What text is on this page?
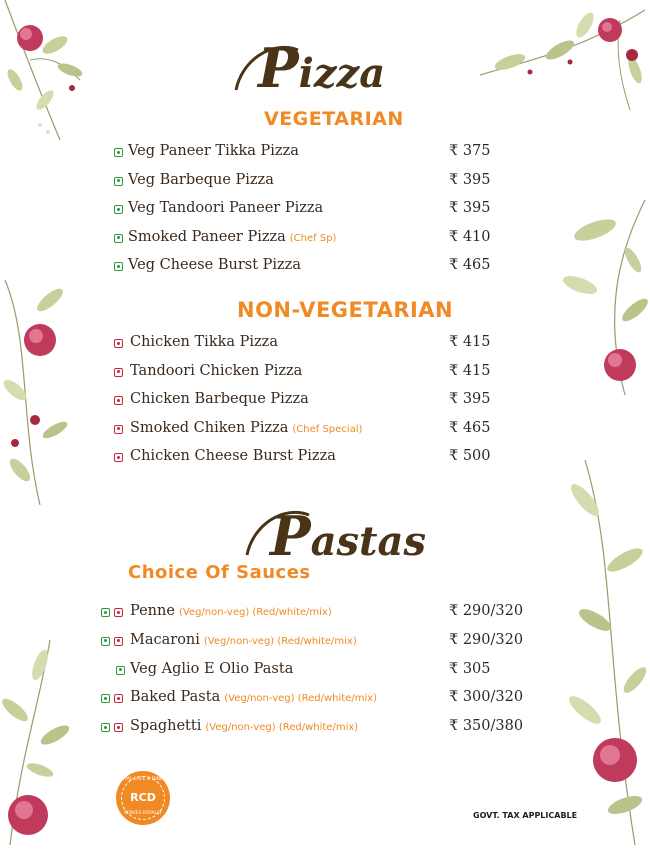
Pizza
VEGETARIAN
Veg Paneer Tikka Pizza	₹ 375
Veg Barbeque Pizza	₹ 395
Veg Tandoori Paneer Pizza	₹ 395
Smoked Paneer Pizza (Chef Sp)	₹ 410
Veg Cheese Burst Pizza	₹ 465
NON-VEGETARIAN
Chicken Tikka Pizza	₹ 415
Tandoori Chicken Pizza	₹ 415
Chicken Barbeque Pizza	₹ 395
Smoked Chiken Pizza (Chef Special)	₹ 465
Chicken Cheese Burst Pizza	₹ 500
Pastas
Choice Of Sauces
Penne (Veg/non-veg) (Red/white/mix)	₹ 290/320
Macaroni (Veg/non-veg) (Red/white/mix)	₹ 290/320
Veg Aglio E Olio Pasta	₹ 305
Baked Pasta (Veg/non-veg) (Red/white/mix)	₹ 300/320
Spaghetti (Veg/non-veg) (Red/white/mix)	₹ 350/380
ROYAL CAFE & DINING
RCD
SERVES ROYALLY	GOVT. TAX APPLICABLE
